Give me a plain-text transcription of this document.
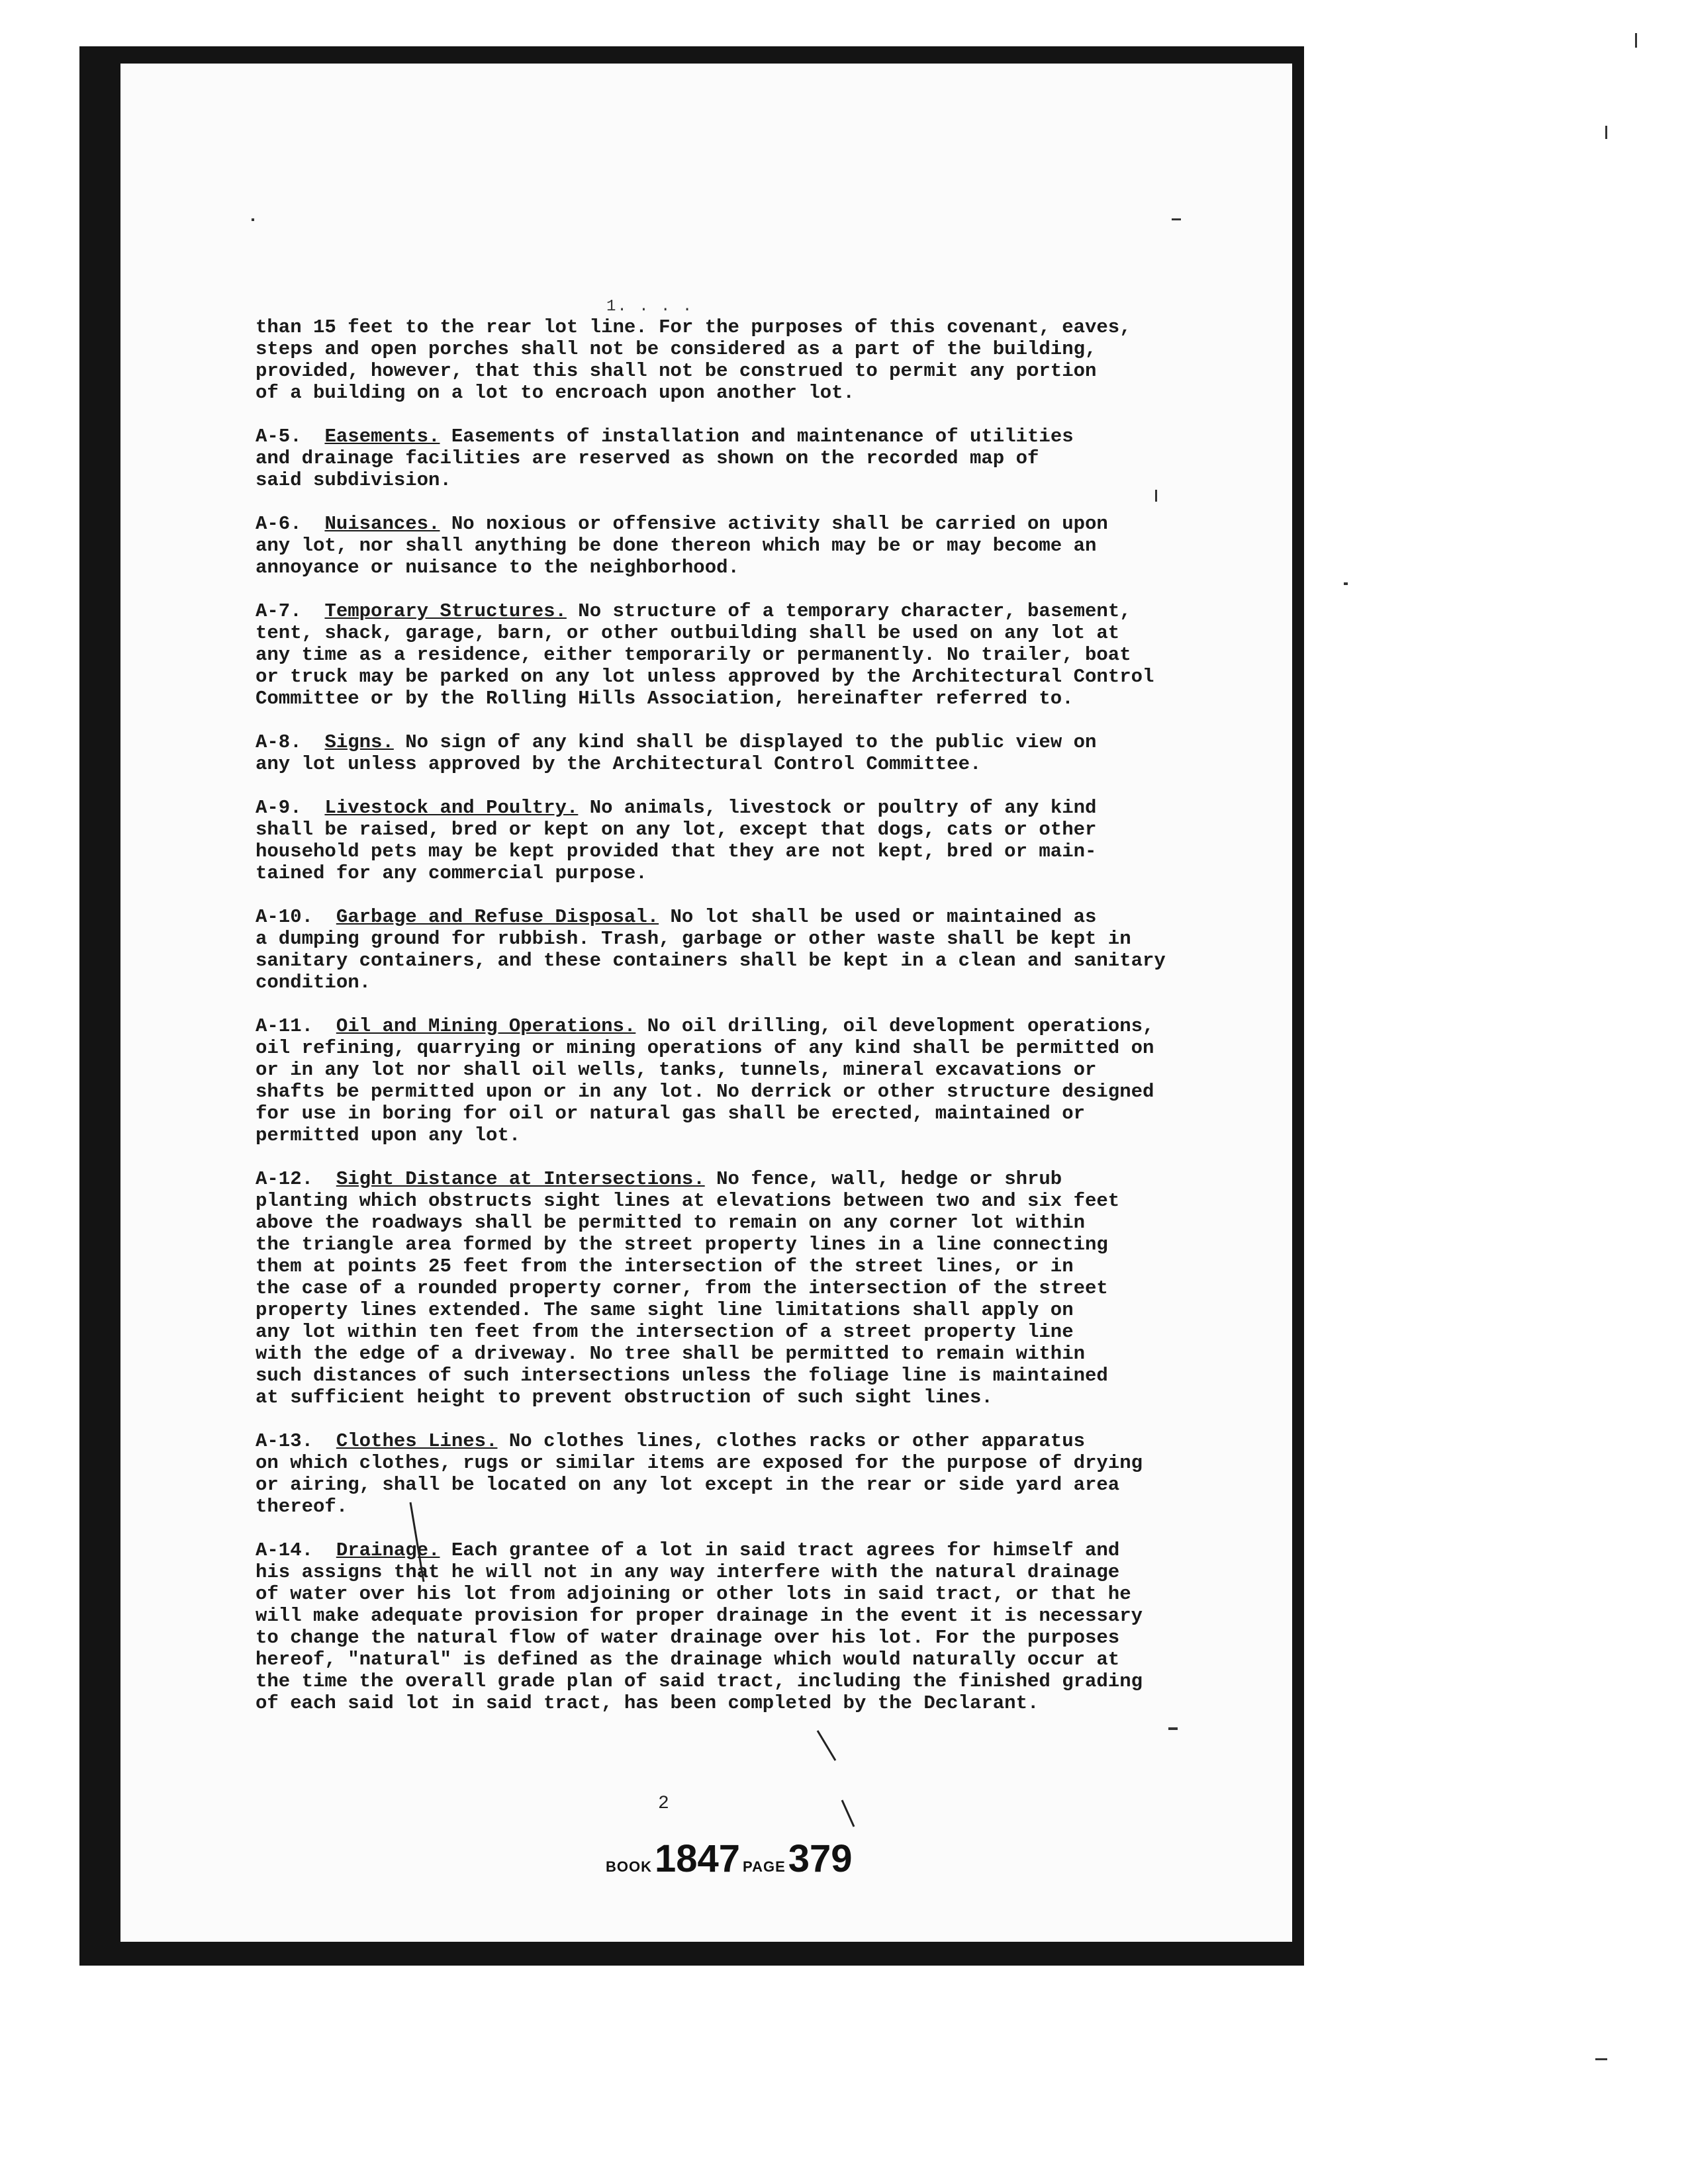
1. . . .
than 15 feet to the rear lot line. For the purposes of this covenant, eaves,
steps and open porches shall not be considered as a part of the building,
provided, however, that this shall not be construed to permit any portion
of a building on a lot to encroach upon another lot.
A-5. Easements. Easements of installation and maintenance of utilities
and drainage facilities are reserved as shown on the recorded map of
said subdivision.
A-6. Nuisances. No noxious or offensive activity shall be carried on upon
any lot, nor shall anything be done thereon which may be or may become an
annoyance or nuisance to the neighborhood.
A-7. Temporary Structures. No structure of a temporary character, basement,
tent, shack, garage, barn, or other outbuilding shall be used on any lot at
any time as a residence, either temporarily or permanently. No trailer, boat
or truck may be parked on any lot unless approved by the Architectural Control
Committee or by the Rolling Hills Association, hereinafter referred to.
A-8. Signs. No sign of any kind shall be displayed to the public view on
any lot unless approved by the Architectural Control Committee.
A-9. Livestock and Poultry. No animals, livestock or poultry of any kind
shall be raised, bred or kept on any lot, except that dogs, cats or other
household pets may be kept provided that they are not kept, bred or main-
tained for any commercial purpose.
A-10. Garbage and Refuse Disposal. No lot shall be used or maintained as
a dumping ground for rubbish. Trash, garbage or other waste shall be kept in
sanitary containers, and these containers shall be kept in a clean and sanitary
condition.
A-11. Oil and Mining Operations. No oil drilling, oil development operations,
oil refining, quarrying or mining operations of any kind shall be permitted on
or in any lot nor shall oil wells, tanks, tunnels, mineral excavations or
shafts be permitted upon or in any lot. No derrick or other structure designed
for use in boring for oil or natural gas shall be erected, maintained or
permitted upon any lot.
A-12. Sight Distance at Intersections. No fence, wall, hedge or shrub
planting which obstructs sight lines at elevations between two and six feet
above the roadways shall be permitted to remain on any corner lot within
the triangle area formed by the street property lines in a line connecting
them at points 25 feet from the intersection of the street lines, or in
the case of a rounded property corner, from the intersection of the street
property lines extended. The same sight line limitations shall apply on
any lot within ten feet from the intersection of a street property line
with the edge of a driveway. No tree shall be permitted to remain within
such distances of such intersections unless the foliage line is maintained
at sufficient height to prevent obstruction of such sight lines.
A-13. Clothes Lines. No clothes lines, clothes racks or other apparatus
on which clothes, rugs or similar items are exposed for the purpose of drying
or airing, shall be located on any lot except in the rear or side yard area
thereof.
A-14. Drainage. Each grantee of a lot in said tract agrees for himself and
his assigns that he will not in any way interfere with the natural drainage
of water over his lot from adjoining or other lots in said tract, or that he
will make adequate provision for proper drainage in the event it is necessary
to change the natural flow of water drainage over his lot. For the purposes
hereof, "natural" is defined as the drainage which would naturally occur at
the time the overall grade plan of said tract, including the finished grading
of each said lot in said tract, has been completed by the Declarant.
2
BOOK 1847 PAGE 379
